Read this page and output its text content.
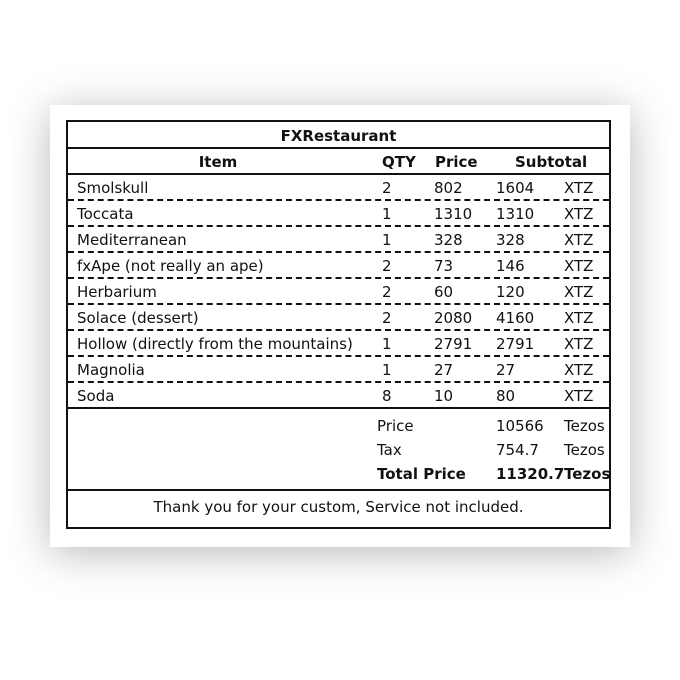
FXRestaurant
Item	QTY Price Subtotal
Smolskull	2	802 1604 XTZ
Toccata	1	1310 1310 XTZ
Mediterranean	1	328 328	XTZ
fxApe (not really an ape)	2	73	146	XTZ
Herbarium	2	60	120	XTZ
Solace (dessert)	2	2080 4160 XTZ
Hollow (directly from the mountains) 1	2791 2791 XTZ
Magnolia	1	27	27	XTZ
Soda	8	10	80	XTZ
Price	10566 Tezos
Tax	754.7 Tezos
Total Price 11320.7 Tezos
Thank you for your custom, Service not included.
